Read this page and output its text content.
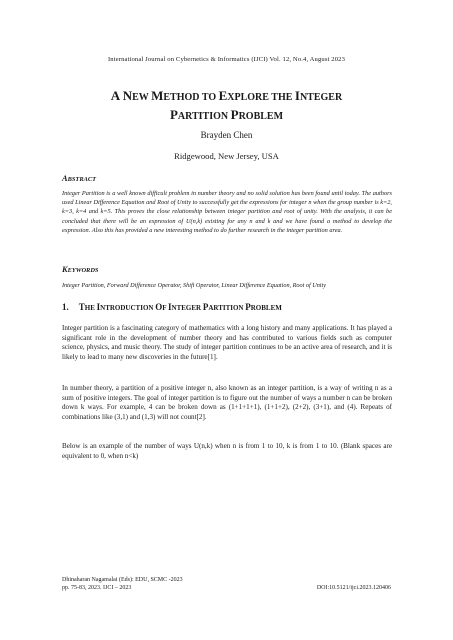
International Journal on Cybernetics & Informatics (IJCI) Vol. 12, No.4, August 2023
A NEW METHOD TO EXPLORE THE INTEGER
PARTITION PROBLEM
Brayden Chen
Ridgewood, New Jersey, USA
ABSTRACT
Integer Partition is a well known difficult problem in number theory and no solid solution has been found until today. The authors used Linear Difference Equation and Root of Unity to successfully get the expressions for integer n when the group number is k=2, k=3, k=4 and k=5. This proves the close relationship between integer partition and root of unity. With the analysis, it can be concluded that there will be an expression of U(n,k) existing for any n and k and we have found a method to develop the expression. Also this has provided a new interesting method to do further research in the integer partition area.
KEYWORDS
Integer Partition, Forward Difference Operator, Shift Operator, Linear Difference Equation, Root of Unity
1. THE INTRODUCTION OF INTEGER PARTITION PROBLEM
Integer partition is a fascinating category of mathematics with a long history and many applications. It has played a significant role in the development of number theory and has contributed to various fields such as computer science, physics, and music theory. The study of integer partition continues to be an active area of research, and it is likely to lead to many new discoveries in the future[1].
In number theory, a partition of a positive integer n, also known as an integer partition, is a way of writing n as a sum of positive integers. The goal of integer partition is to figure out the number of ways a number n can be broken down k ways. For example, 4 can be broken down as (1+1+1+1), (1+1+2), (2+2), (3+1), and (4). Repeats of combinations like (3,1) and (1,3) will not count[2].
Below is an example of the number of ways U(n,k) when n is from 1 to 10, k is from 1 to 10. (Blank spaces are equivalent to 0, when n<k)
Dhinaharan Nagamalai (Eds): EDU, SCMC -2023
pp. 75-83, 2023. IJCI – 2023	DOI:10.5121/ijci.2023.120406
